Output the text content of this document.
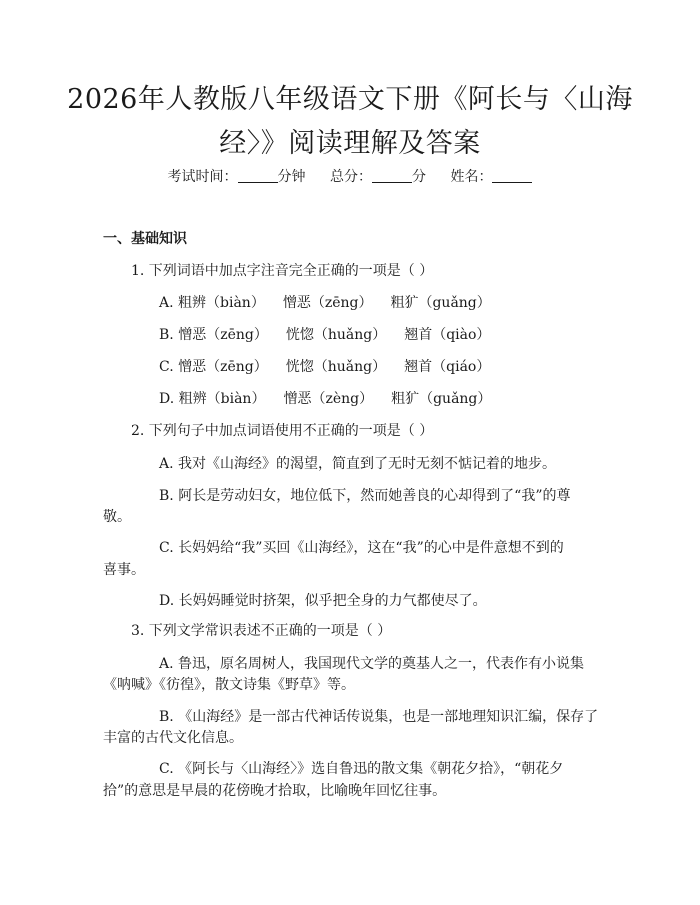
2026年人教版八年级语文下册《阿长与〈山海经〉》阅读理解及答案
考试时间：	分钟 总分：	分 姓名：
一、基础知识
1. 下列词语中加点字注音完全正确的一项是（ ）
A. 粗辨（biàn） 憎恶（zēng） 粗犷（guǎng）
B. 憎恶（zēng） 恍惚（huǎng） 翘首（qiào）
C. 憎恶（zēng） 恍惚（huǎng） 翘首（qiáo）
D. 粗辨（biàn） 憎恶（zèng） 粗犷（guǎng）
2. 下列句子中加点词语使用不正确的一项是（ ）
A. 我对《山海经》的渴望，简直到了无时无刻不惦记着的地步。
B. 阿长是劳动妇女，地位低下，然而她善良的心却得到了“我”的尊
敬。
C. 长妈妈给“我”买回《山海经》，这在“我”的心中是件意想不到的
喜事。
D. 长妈妈睡觉时挤架，似乎把全身的力气都使尽了。
3. 下列文学常识表述不正确的一项是（ ）
A. 鲁迅，原名周树人，我国现代文学的奠基人之一，代表作有小说集
《呐喊》《彷徨》，散文诗集《野草》等。
B. 《山海经》是一部古代神话传说集，也是一部地理知识汇编，保存了
丰富的古代文化信息。
C. 《阿长与〈山海经〉》选自鲁迅的散文集《朝花夕拾》，“朝花夕
拾”的意思是早晨的花傍晚才拾取，比喻晚年回忆往事。
